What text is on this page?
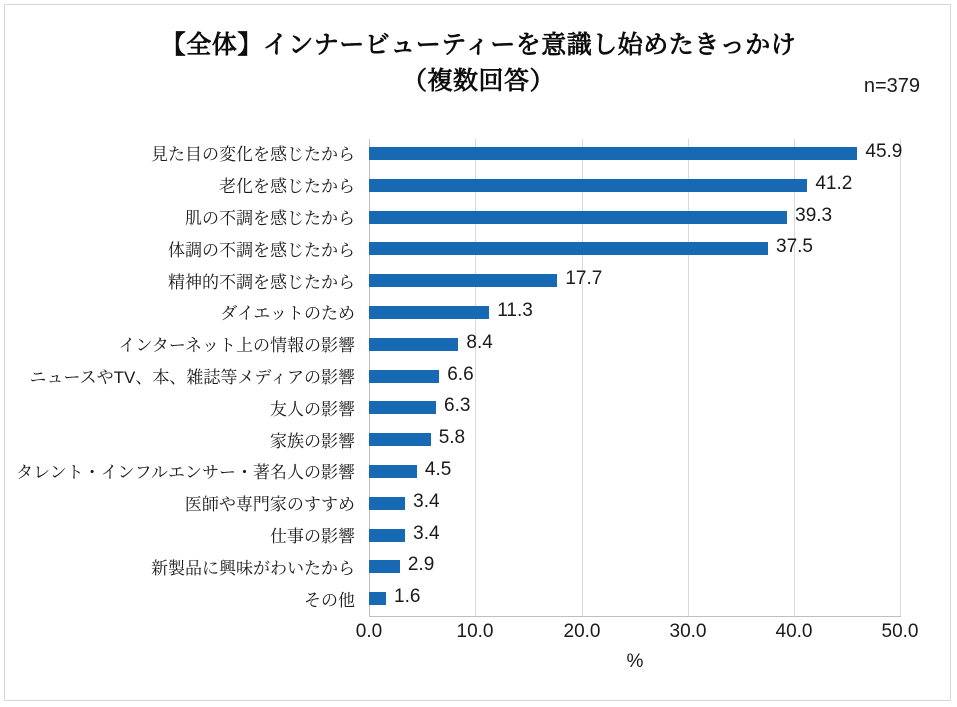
【全体】インナービューティーを意識し始めたきっかけ
（複数回答）	n=379
見た目の変化を感じたから
老化を感じたから
肌の不調を感じたから
体調の不調を感じたから
精神的不調を感じたから
ダイエットのため
インターネット上の情報の影響
ニュースやTV、本、雑誌等メディアの影響
友人の影響
家族の影響
タレント・インフルエンサー・著名人の影響
医師や専門家のすすめ
仕事の影響
新製品に興味がわいたから
その他
45.9
41.2
39.3
37.5
17.7
11.3
8.4
6.6
6.3
5.8
4.5
3.4
3.4
2.9
1.6
0.0	10.0	20.0	30.0	40.0	50.0
%
